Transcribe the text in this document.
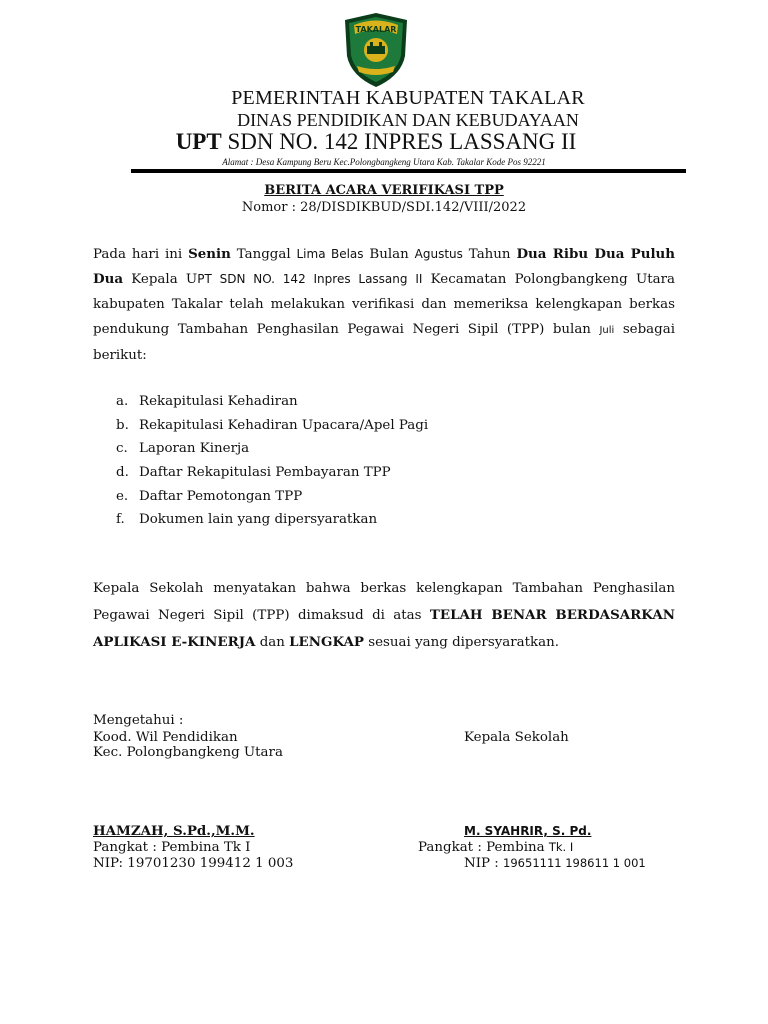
TAKALAR
PEMERINTAH KABUPATEN TAKALAR
DINAS PENDIDIKAN DAN KEBUDAYAAN
UPT SDN NO. 142 INPRES LASSANG II
Alamat : Desa Kampung Beru Kec.Polongbangkeng Utara Kab. Takalar Kode Pos 92221
BERITA ACARA VERIFIKASI TPP
Nomor : 28/DISDIKBUD/SDI.142/VIII/2022
Pada hari ini Senin Tanggal Lima Belas Bulan Agustus Tahun Dua Ribu Dua Puluh Dua Kepala UPT SDN NO. 142 Inpres Lassang II Kecamatan Polongbangkeng Utara kabupaten Takalar telah melakukan verifikasi dan memeriksa kelengkapan berkas pendukung Tambahan Penghasilan Pegawai Negeri Sipil (TPP) bulan Juli sebagai berikut:
a. Rekapitulasi Kehadiran
b. Rekapitulasi Kehadiran Upacara/Apel Pagi
c. Laporan Kinerja
d. Daftar Rekapitulasi Pembayaran TPP
e. Daftar Pemotongan TPP
f. Dokumen lain yang dipersyaratkan
Kepala Sekolah menyatakan bahwa berkas kelengkapan Tambahan Penghasilan Pegawai Negeri Sipil (TPP) dimaksud di atas TELAH BENAR BERDASARKAN APLIKASI E-KINERJA dan LENGKAP sesuai yang dipersyaratkan.
Mengetahui :
Kood. Wil Pendidikan
Kec. Polongbangkeng Utara
Kepala Sekolah
HAMZAH, S.Pd.,M.M.
Pangkat : Pembina Tk I
NIP: 19701230 199412 1 003
M. SYAHRIR, S. Pd.
Pangkat : Pembina Tk. I
NIP : 19651111 198611 1 001
